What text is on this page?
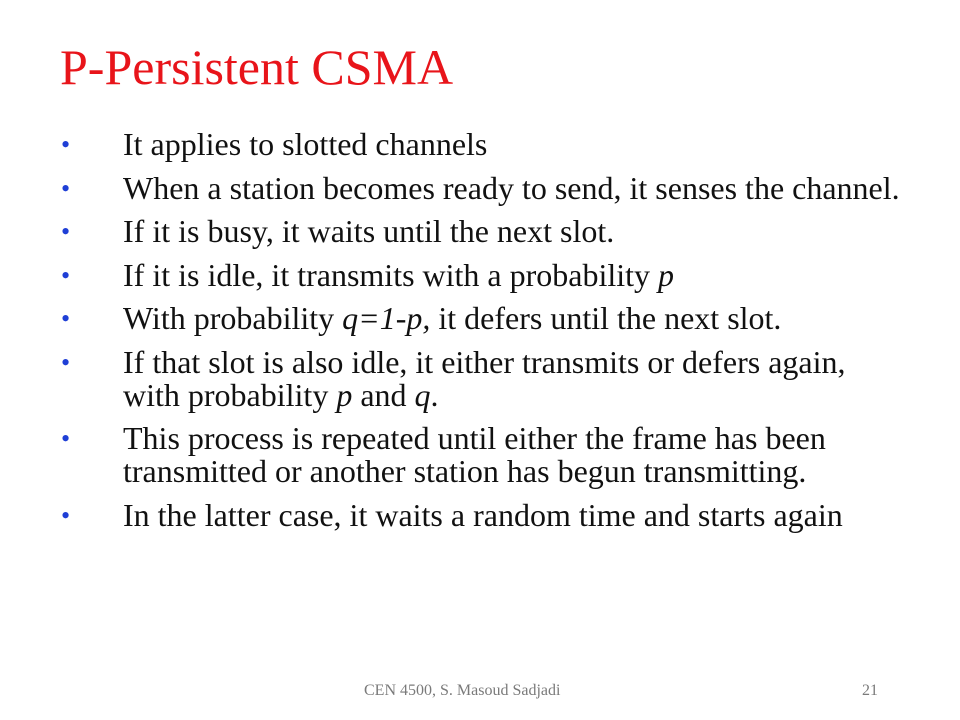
P-Persistent CSMA
•	It applies to slotted channels
•	When a station becomes ready to send, it senses the channel.
•	If it is busy, it waits until the next slot.
•	If it is idle, it transmits with a probability p
•	With probability q=1-p, it defers until the next slot.
•	If that slot is also idle, it either transmits or defers again, with probability p and q.
•	This process is repeated until either the frame has been transmitted or another station has begun transmitting.
•	In the latter case, it waits a random time and starts again
CEN 4500, S. Masoud Sadjadi	21
